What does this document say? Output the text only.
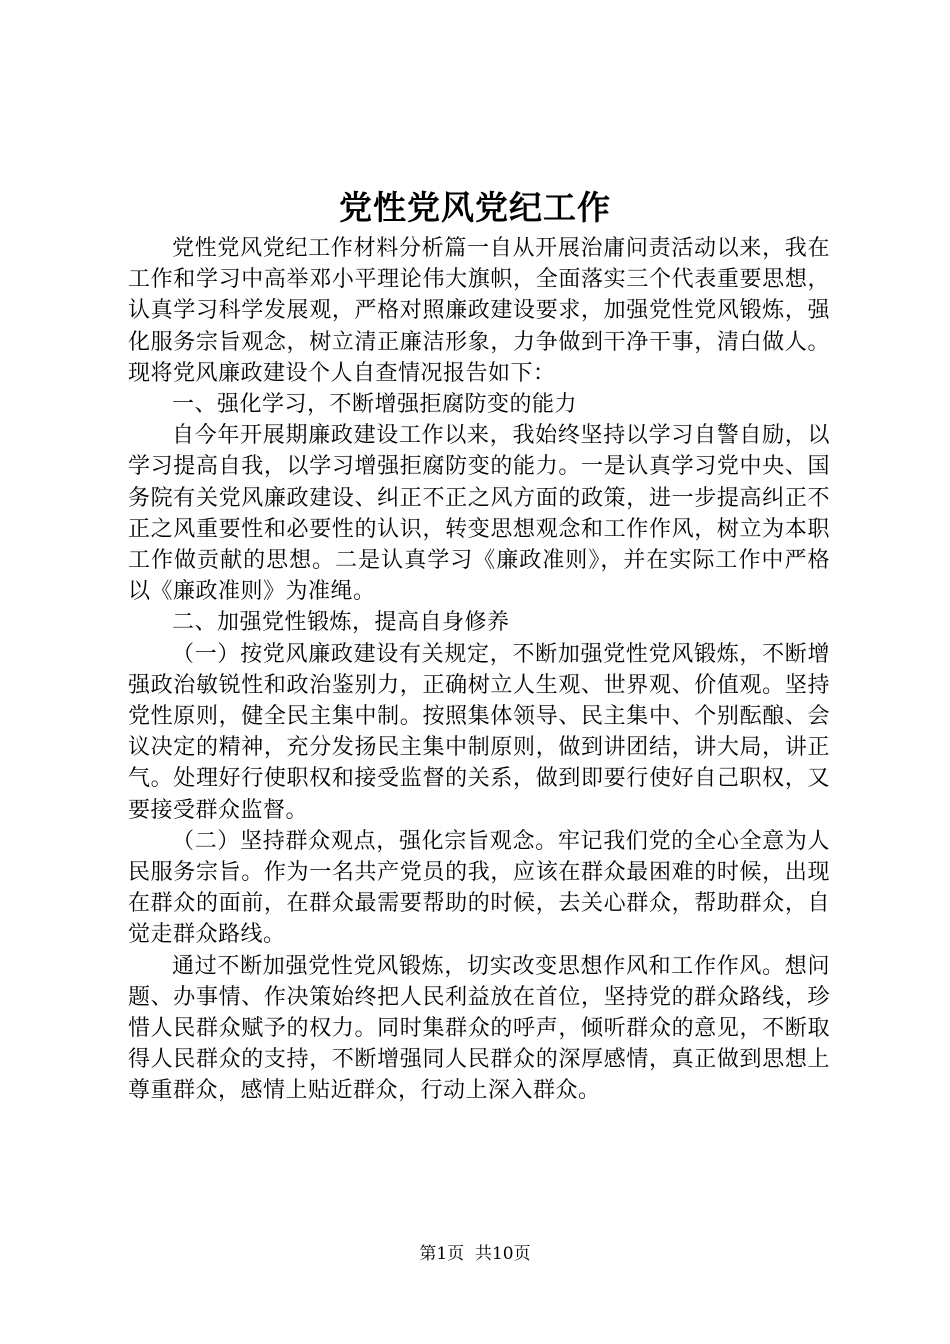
党性党风党纪工作

党性党风党纪工作材料分析篇一自从开展治庸问责活动以来，我在工作和学习中高举邓小平理论伟大旗帜，全面落实三个代表重要思想，认真学习科学发展观，严格对照廉政建设要求，加强党性党风锻炼，强化服务宗旨观念，树立清正廉洁形象，力争做到干净干事，清白做人。现将党风廉政建设个人自查情况报告如下：

一、强化学习，不断增强拒腐防变的能力

自今年开展期廉政建设工作以来，我始终坚持以学习自警自励，以学习提高自我，以学习增强拒腐防变的能力。一是认真学习党中央、国务院有关党风廉政建设、纠正不正之风方面的政策，进一步提高纠正不正之风重要性和必要性的认识，转变思想观念和工作作风，树立为本职工作做贡献的思想。二是认真学习《廉政准则》，并在实际工作中严格以《廉政准则》为准绳。

二、加强党性锻炼，提高自身修养

（一）按党风廉政建设有关规定，不断加强党性党风锻炼，不断增强政治敏锐性和政治鉴别力，正确树立人生观、世界观、价值观。坚持党性原则，健全民主集中制。按照集体领导、民主集中、个别酝酿、会议决定的精神，充分发扬民主集中制原则，做到讲团结，讲大局，讲正气。处理好行使职权和接受监督的关系，做到即要行使好自己职权，又要接受群众监督。

（二）坚持群众观点，强化宗旨观念。牢记我们党的全心全意为人民服务宗旨。作为一名共产党员的我，应该在群众最困难的时候，出现在群众的面前，在群众最需要帮助的时候，去关心群众，帮助群众，自觉走群众路线。

通过不断加强党性党风锻炼，切实改变思想作风和工作作风。想问题、办事情、作决策始终把人民利益放在首位，坚持党的群众路线，珍惜人民群众赋予的权力。同时集群众的呼声，倾听群众的意见，不断取得人民群众的支持，不断增强同人民群众的深厚感情，真正做到思想上尊重群众，感情上贴近群众，行动上深入群众。

第1页  共10页
